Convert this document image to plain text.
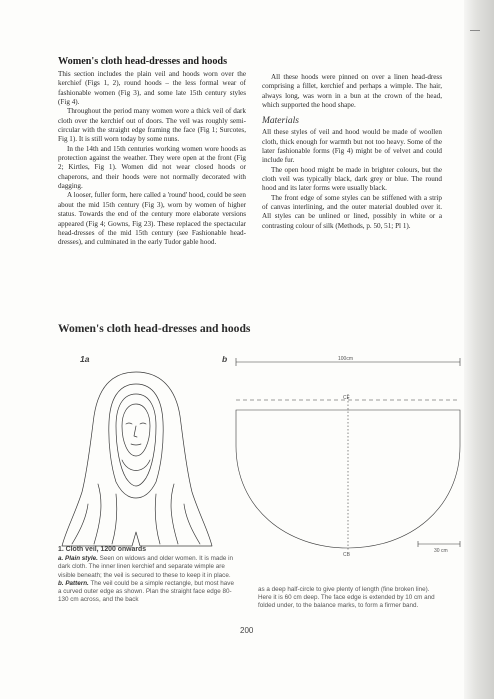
Women's cloth head-dresses and hoods

This section includes the plain veil and hoods worn over the kerchief (Figs 1, 2), round hoods – the less formal wear of fashionable women (Fig 3), and some late 15th century styles (Fig 4).

Throughout the period many women wore a thick veil of dark cloth over the kerchief out of doors. The veil was roughly semi-circular with the straight edge framing the face (Fig 1; Surcotes, Fig 1). It is still worn today by some nuns.

In the 14th and 15th centuries working women wore hoods as protection against the weather. They were open at the front (Fig 2; Kirtles, Fig 1). Women did not wear closed hoods or chaperons, and their hoods were not normally decorated with dagging.

A looser, fuller form, here called a 'round' hood, could be seen about the mid 15th century (Fig 3), worn by women of higher status. Towards the end of the century more elaborate versions appeared (Fig 4; Gowns, Fig 23). These replaced the spectacular head-dresses of the mid 15th century (see Fashionable head-dresses), and culminated in the early Tudor gable hood.

All these hoods were pinned on over a linen head-dress comprising a fillet, kerchief and perhaps a wimple. The hair, always long, was worn in a bun at the crown of the head, which supported the hood shape.

Materials

All these styles of veil and hood would be made of woollen cloth, thick enough for warmth but not too heavy. Some of the later fashionable forms (Fig 4) might be of velvet and could include fur.

The open hood might be made in brighter colours, but the cloth veil was typically black, dark grey or blue. The round hood and its later forms were usually black.

The front edge of some styles can be stiffened with a strip of canvas interlining, and the outer material doubled over it. All styles can be unlined or lined, possibly in white or a contrasting colour of silk (Methods, p. 50, 51; Pl 1).

Women's cloth head-dresses and hoods
1a	b	100cm
CF
CB
30 cm

1. Cloth veil, 1200 onwards

a. Plain style. Seen on widows and older women. It is made in dark cloth. The inner linen kerchief and separate wimple are visible beneath; the veil is secured to these to keep it in place.

b. Pattern. The veil could be a simple rectangle, but most have a curved outer edge as shown. Plan the straight face edge 80-130 cm across, and the back

as a deep half-circle to give plenty of length (fine broken line). Here it is 60 cm deep. The face edge is extended by 10 cm and folded under, to the balance marks, to form a firmer band.

200
